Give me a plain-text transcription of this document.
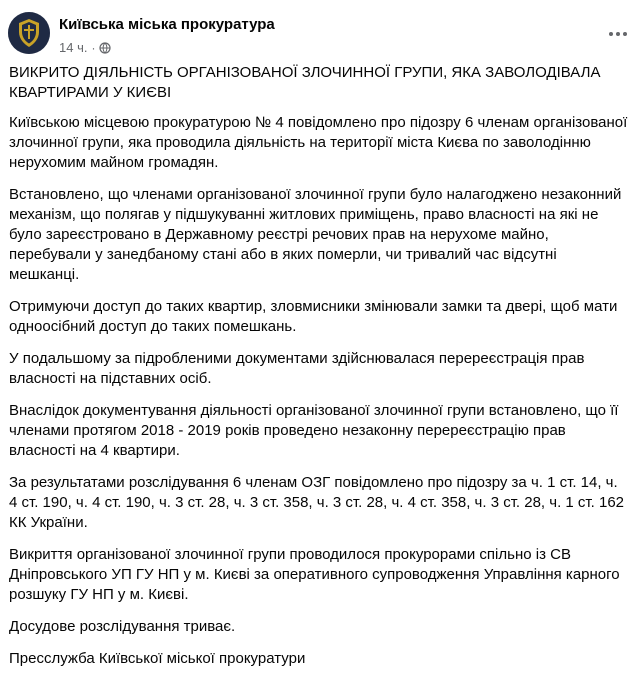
Київська міська прокуратура
14 ч. ·

ВИКРИТО ДІЯЛЬНІСТЬ ОРГАНІЗОВАНОЇ ЗЛОЧИННОЇ ГРУПИ, ЯКА ЗАВОЛОДІВАЛА КВАРТИРАМИ У КИЄВІ

Київською місцевою прокуратурою № 4 повідомлено про підозру 6 членам організованої злочинної групи, яка проводила діяльність на території міста Києва по заволодінню нерухомим майном громадян.

Встановлено, що членами організованої злочинної групи було налагоджено незаконний механізм, що полягав у підшукуванні житлових приміщень, право власності на які не було зареєстровано в Державному реєстрі речових прав на нерухоме майно, перебували у занедбаному стані або в яких померли, чи тривалий час відсутні мешканці.

Отримуючи доступ до таких квартир, зловмисники змінювали замки та двері, щоб мати одноосібний доступ до таких помешкань.

У подальшому за підробленими документами здійснювалася перереєстрація прав власності на підставних осіб.

Внаслідок документування діяльності організованої злочинної групи встановлено, що її членами протягом 2018 - 2019 років проведено незаконну перереєстрацію прав власності на 4 квартири.

За результатами розслідування 6 членам ОЗГ повідомлено про підозру за ч. 1 ст. 14, ч. 4 ст. 190, ч. 4 ст. 190, ч. 3 ст. 28, ч. 3 ст. 358, ч. 3 ст. 28, ч. 4 ст. 358, ч. 3 ст. 28, ч. 1 ст. 162 КК України.

Викриття організованої злочинної групи проводилося прокурорами спільно із СВ Дніпровського УП ГУ НП у м. Києві за оперативного супроводження Управління карного розшуку ГУ НП у м. Києві.

Досудове розслідування триває.

Пресслужба Київської міської прокуратури
